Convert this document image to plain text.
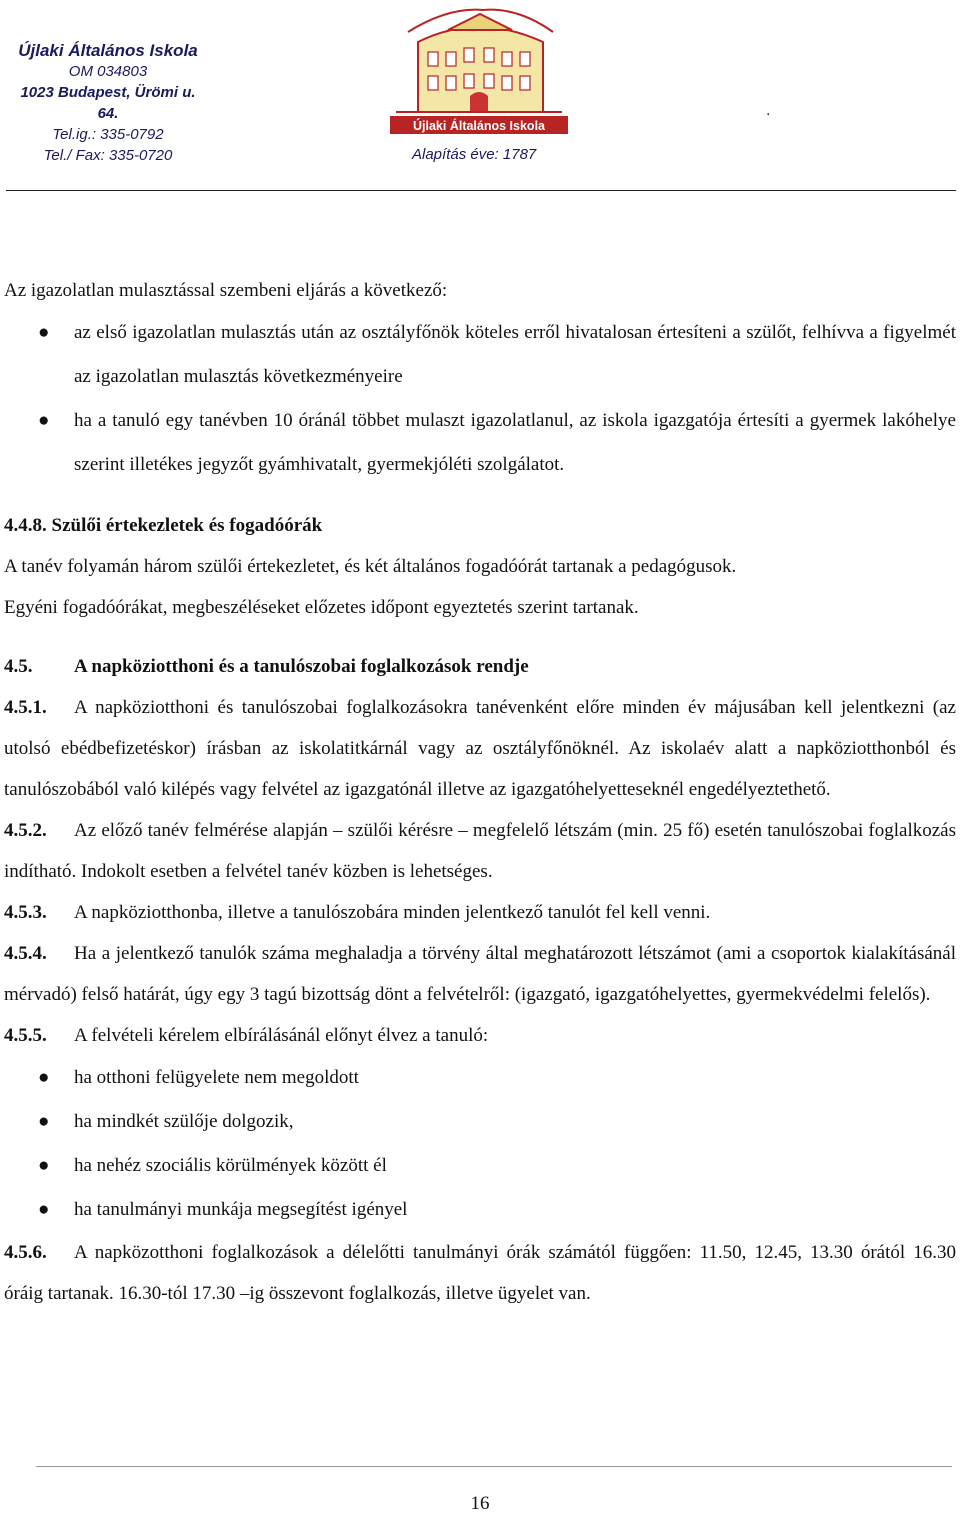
Újlaki Általános Iskola
OM 034803
1023 Budapest, Ürömi u. 64.
Tel.ig.: 335-0792
Tel./ Fax: 335-0720
Újlaki Általános Iskola
Alapítás éve: 1787
.

Az igazolatlan mulasztással szembeni eljárás a következő:

● az első igazolatlan mulasztás után az osztályfőnök köteles erről hivatalosan értesíteni a szülőt, felhívva a figyelmét az igazolatlan mulasztás következményeire
● ha a tanuló egy tanévben 10 óránál többet mulaszt igazolatlanul, az iskola igazgatója értesíti a gyermek lakóhelye szerint illetékes jegyzőt gyámhivatalt, gyermekjóléti szolgálatot.

4.4.8. Szülői értekezletek és fogadóórák

A tanév folyamán három szülői értekezletet, és két általános fogadóórát tartanak a pedagógusok.

Egyéni fogadóórákat, megbeszéléseket előzetes időpont egyeztetés szerint tartanak.

4.5. A napköziotthoni és a tanulószobai foglalkozások rendje

4.5.1. A napköziotthoni és tanulószobai foglalkozásokra tanévenként előre minden év májusában kell jelentkezni (az utolsó ebédbefizetéskor) írásban az iskolatitkárnál vagy az osztályfőnöknél. Az iskolaév alatt a napköziotthonból és tanulószobából való kilépés vagy felvétel az igazgatónál illetve az igazgatóhelyetteseknél engedélyeztethető.

4.5.2. Az előző tanév felmérése alapján – szülői kérésre – megfelelő létszám (min. 25 fő) esetén tanulószobai foglalkozás indítható. Indokolt esetben a felvétel tanév közben is lehetséges.

4.5.3. A napköziotthonba, illetve a tanulószobára minden jelentkező tanulót fel kell venni.

4.5.4. Ha a jelentkező tanulók száma meghaladja a törvény által meghatározott létszámot (ami a csoportok kialakításánál mérvadó) felső határát, úgy egy 3 tagú bizottság dönt a felvételről: (igazgató, igazgatóhelyettes, gyermekvédelmi felelős).

4.5.5. A felvételi kérelem elbírálásánál előnyt élvez a tanuló:

● ha otthoni felügyelete nem megoldott
● ha mindkét szülője dolgozik,
● ha nehéz szociális körülmények között él
● ha tanulmányi munkája megsegítést igényel

4.5.6. A napközotthoni foglalkozások a délelőtti tanulmányi órák számától függően: 11.50, 12.45, 13.30 órától 16.30 óráig tartanak. 16.30-tól 17.30 –ig összevont foglalkozás, illetve ügyelet van.

16
